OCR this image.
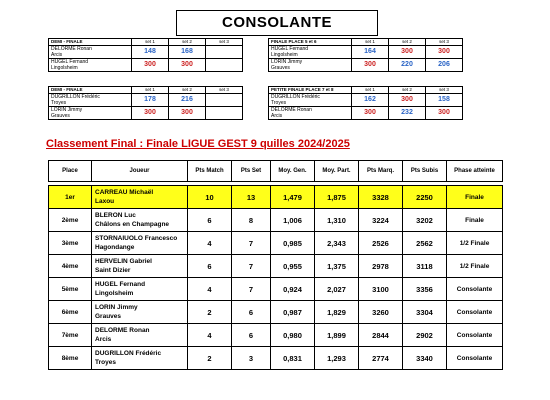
CONSOLANTE
DEMI - FINALE	set 1	set 2	set 3
DELORME Ronan
Arcis	148	168	
HUGEL Fernand
Lingolsheim	300	300	
FINALE PLACE 5 et 6	set 1	set 2	set 3
HUGEL Fernand
Lingolsheim	164	300	300
LORIN Jimmy
Grauves	300	220	206
DEMI - FINALE	set 1	set 2	set 3
DUGRILLON Frédéric
Troyes	178	216	
LORIN Jimmy
Grauves	300	300	
PETITE FINALE PLACE 7 et 8	set 1	set 2	set 3
DUGRILLON Frédéric
Troyes	162	300	158
DELORME Ronan
Arcis	300	232	300
Classement Final : Finale LIGUE GEST 9 quilles 2024/2025
Place	Joueur	Pts Match	Pts Set	Moy. Gen.	Moy. Part.	Pts Marq.	Pts Subis	Phase atteinte

1er	CARREAU Michaël
Laxou	10	13	1,479	1,875	3328	2250	Finale
2ème	BLERON Luc
Châlons en Champagne	6	8	1,006	1,310	3224	3202	Finale
3ème	STORNAIUOLO Francesco
Hagondange	4	7	0,985	2,343	2526	2562	1/2 Finale
4ème	HERVELIN Gabriel
Saint Dizier	6	7	0,955	1,375	2978	3118	1/2 Finale
5ème	HUGEL Fernand
Lingolsheim	4	7	0,924	2,027	3100	3356	Consolante
6ème	LORIN Jimmy
Grauves	2	6	0,987	1,829	3260	3304	Consolante
7ème	DELORME Ronan
Arcis	4	6	0,980	1,899	2844	2902	Consolante
8ème	DUGRILLON Frédéric
Troyes	2	3	0,831	1,293	2774	3340	Consolante
